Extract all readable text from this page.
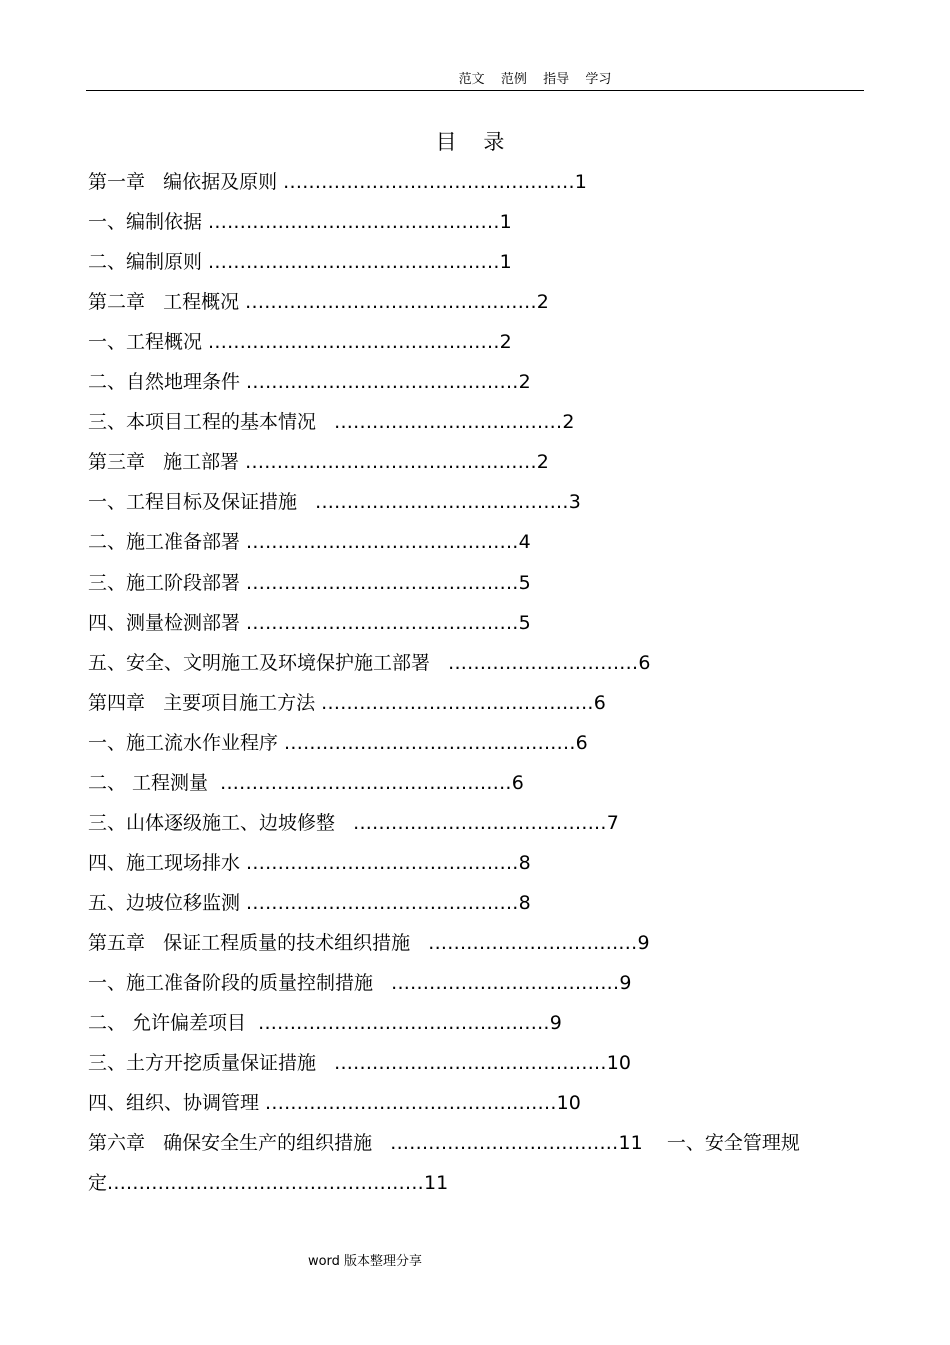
范文  范例  指导  学习
目 录
第一章   编依据及原则 ..............................................1
一、编制依据 ..............................................1
二、编制原则 ..............................................1
第二章   工程概况 ..............................................2
一、工程概况 ..............................................2
二、自然地理条件 ...........................................2
三、本项目工程的基本情况   ....................................2
第三章   施工部署 ..............................................2
一、工程目标及保证措施   ........................................3
二、施工准备部署 ...........................................4
三、施工阶段部署 ...........................................5
四、测量检测部署 ...........................................5
五、安全、文明施工及环境保护施工部署   ..............................6
第四章   主要项目施工方法 ...........................................6
一、施工流水作业程序 ..............................................6
二、 工程测量  ..............................................6
三、山体逐级施工、边坡修整   ........................................7
四、施工现场排水 ...........................................8
五、边坡位移监测 ...........................................8
第五章   保证工程质量的技术组织措施   .................................9
一、施工准备阶段的质量控制措施   ....................................9
二、 允许偏差项目  ..............................................9
三、土方开挖质量保证措施   ...........................................10
四、组织、协调管理 ..............................................10
第六章   确保安全生产的组织措施   ....................................11    一、安全管理规
定..................................................11
word 版本整理分享
